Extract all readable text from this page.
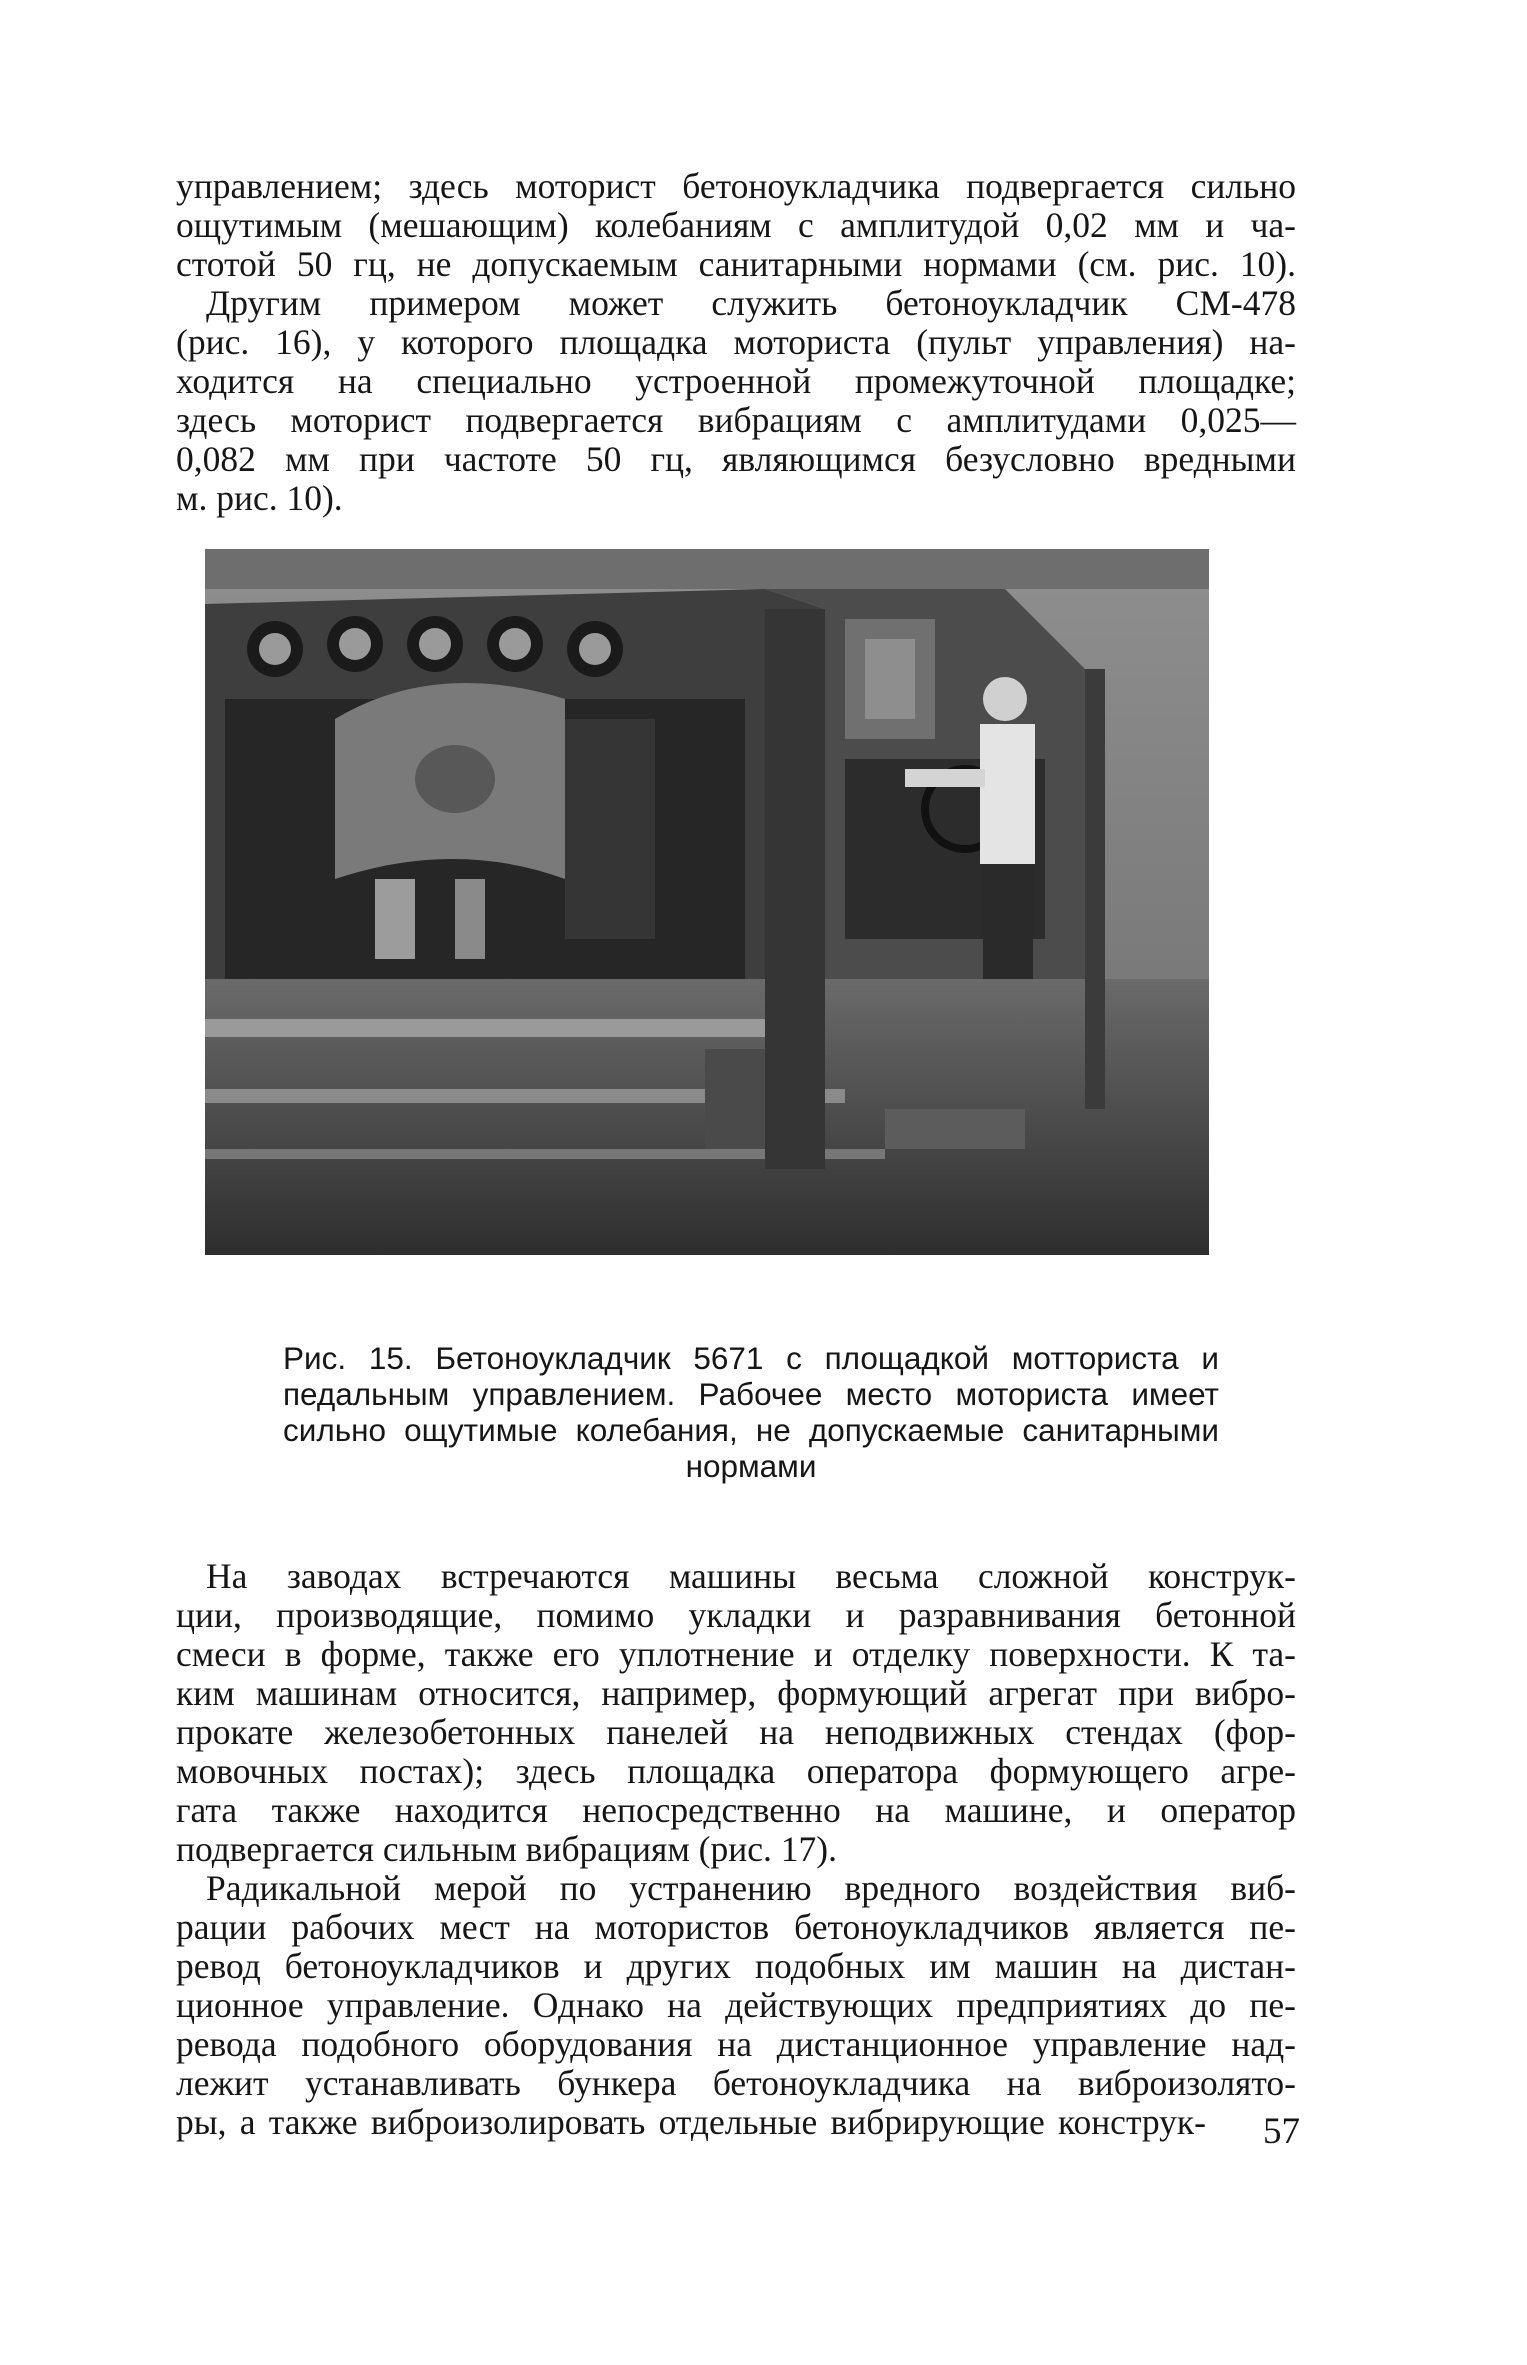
управлением; здесь моторист бетоноукладчика подвергается сильно
ощутимым (мешающим) колебаниям с амплитудой 0,02 мм и ча-
стотой 50 гц, не допускаемым санитарными нормами (см. рис. 10).
Другим примером может служить бетоноукладчик СМ-478
(рис. 16), у которого площадка моториста (пульт управления) на-
ходится на специально устроенной промежуточной площадке;
здесь моторист подвергается вибрациям с амплитудами 0,025—
0,082 мм при частоте 50 гц, являющимся безусловно вредными
м. рис. 10).
Рис. 15. Бетоноукладчик 5671 с площадкой мотториста и
педальным управлением. Рабочее место моториста имеет
сильно ощутимые колебания, не допускаемые санитарными
нормами
На заводах встречаются машины весьма сложной конструк-
ции, производящие, помимо укладки и разравнивания бетонной
смеси в форме, также его уплотнение и отделку поверхности. К та-
ким машинам относится, например, формующий агрегат при вибро-
прокате железобетонных панелей на неподвижных стендах (фор-
мовочных постах); здесь площадка оператора формующего агре-
гата также находится непосредственно на машине, и оператор
подвергается сильным вибрациям (рис. 17).
Радикальной мерой по устранению вредного воздействия виб-
рации рабочих мест на мотористов бетоноукладчиков является пе-
ревод бетоноукладчиков и других подобных им машин на дистан-
ционное управление. Однако на действующих предприятиях до пе-
ревода подобного оборудования на дистанционное управление над-
лежит устанавливать бункера бетоноукладчика на виброизолято-
ры, а также виброизолировать отдельные вибрирующие конструк-	57
